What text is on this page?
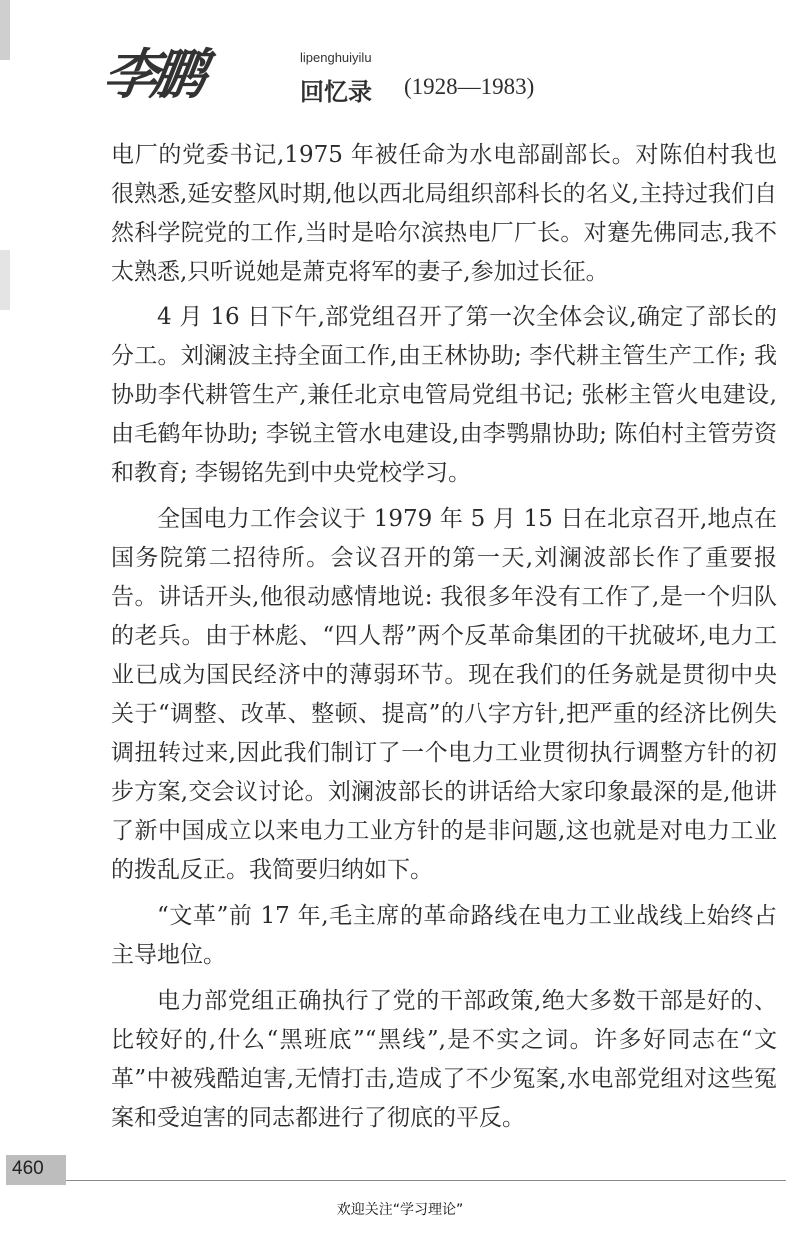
李鹏	lipenghuiyilu
回忆录 (1928—1983)

电厂的党委书记,1975 年被任命为水电部副部长。对陈伯村我也很熟悉,延安整风时期,他以西北局组织部科长的名义,主持过我们自然科学院党的工作,当时是哈尔滨热电厂厂长。对蹇先佛同志,我不太熟悉,只听说她是萧克将军的妻子,参加过长征。

4 月 16 日下午,部党组召开了第一次全体会议,确定了部长的分工。刘澜波主持全面工作,由王林协助; 李代耕主管生产工作; 我协助李代耕管生产,兼任北京电管局党组书记; 张彬主管火电建设,由毛鹤年协助; 李锐主管水电建设,由李鹗鼎协助; 陈伯村主管劳资和教育; 李锡铭先到中央党校学习。

全国电力工作会议于 1979 年 5 月 15 日在北京召开,地点在国务院第二招待所。会议召开的第一天,刘澜波部长作了重要报告。讲话开头,他很动感情地说: 我很多年没有工作了,是一个归队的老兵。由于林彪、“四人帮”两个反革命集团的干扰破坏,电力工业已成为国民经济中的薄弱环节。现在我们的任务就是贯彻中央关于“调整、改革、整顿、提高”的八字方针,把严重的经济比例失调扭转过来,因此我们制订了一个电力工业贯彻执行调整方针的初步方案,交会议讨论。刘澜波部长的讲话给大家印象最深的是,他讲了新中国成立以来电力工业方针的是非问题,这也就是对电力工业的拨乱反正。我简要归纳如下。

“文革”前 17 年,毛主席的革命路线在电力工业战线上始终占主导地位。

电力部党组正确执行了党的干部政策,绝大多数干部是好的、比较好的,什么“黑班底”“黑线”,是不实之词。许多好同志在“文革”中被残酷迫害,无情打击,造成了不少冤案,水电部党组对这些冤案和受迫害的同志都进行了彻底的平反。

460
欢迎关注“学习理论”
